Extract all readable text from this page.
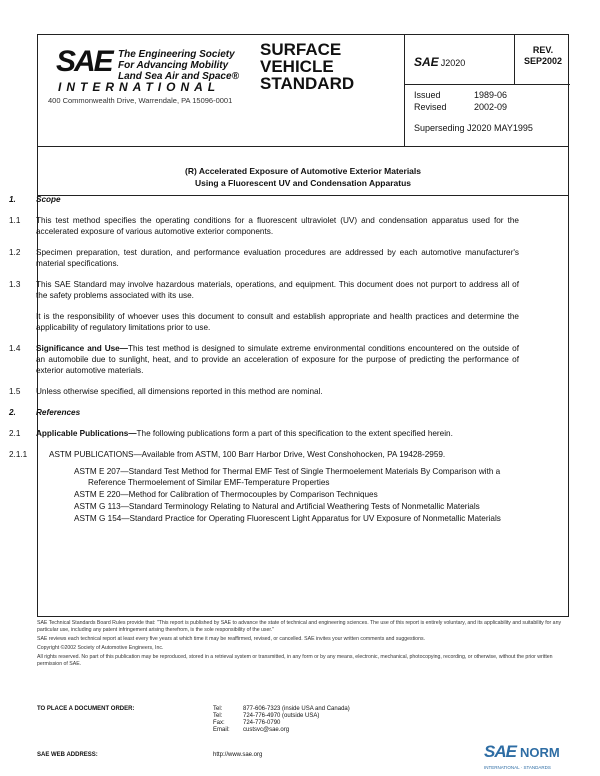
SAE The Engineering Society
For Advancing Mobility
Land Sea Air and Space®
INTERNATIONAL
400 Commonwealth Drive, Warrendale, PA 15096-0001
SURFACE
VEHICLE
STANDARD
SAE J2020
REV.
SEP2002
Issued	1989-06
Revised	2002-09
Superseding J2020 MAY1995
(R) Accelerated Exposure of Automotive Exterior Materials
Using a Fluorescent UV and Condensation Apparatus
1.	Scope
1.1	This test method specifies the operating conditions for a fluorescent ultraviolet (UV) and condensation apparatus used for the accelerated exposure of various automotive exterior components.
1.2	Specimen preparation, test duration, and performance evaluation procedures are addressed by each automotive manufacturer's material specifications.
1.3	This SAE Standard may involve hazardous materials, operations, and equipment. This document does not purport to address all of the safety problems associated with its use.
It is the responsibility of whoever uses this document to consult and establish appropriate and health practices and determine the applicability of regulatory limitations prior to use.
1.4	Significance and Use—This test method is designed to simulate extreme environmental conditions encountered on the outside of an automobile due to sunlight, heat, and to provide an acceleration of exposure for the purpose of predicting the performance of exterior automotive materials.
1.5	Unless otherwise specified, all dimensions reported in this method are nominal.
2.	References
2.1	Applicable Publications—The following publications form a part of this specification to the extent specified herein.
2.1.1	ASTM PUBLICATIONS—Available from ASTM, 100 Barr Harbor Drive, West Conshohocken, PA 19428-2959.
ASTM E 207—Standard Test Method for Thermal EMF Test of Single Thermoelement Materials By Comparison with a Reference Thermoelement of Similar EMF-Temperature Properties
ASTM E 220—Method for Calibration of Thermocouples by Comparison Techniques
ASTM G 113—Standard Terminology Relating to Natural and Artificial Weathering Tests of Nonmetallic Materials
ASTM G 154—Standard Practice for Operating Fluorescent Light Apparatus for UV Exposure of Nonmetallic Materials

SAE Technical Standards Board Rules provide that: "This report is published by SAE to advance the state of technical and engineering sciences. The use of this report is entirely voluntary, and its applicability and suitability for any particular use, including any patent infringement arising therefrom, is the sole responsibility of the user."

SAE reviews each technical report at least every five years at which time it may be reaffirmed, revised, or cancelled. SAE invites your written comments and suggestions.

Copyright ©2002 Society of Automotive Engineers, Inc.

All rights reserved. No part of this publication may be reproduced, stored in a retrieval system or transmitted, in any form or by any means, electronic, mechanical, photocopying, recording, or otherwise, without the prior written permission of SAE.

TO PLACE A DOCUMENT ORDER:	Tel:	877-606-7323 (inside USA and Canada)
Tel:	724-776-4970 (outside USA)
Fax:	724-776-0790
Email: custsvc@sae.org
SAE WEB ADDRESS:	http://www.sae.org	SAE NORM
INTERNATIONAL · STANDARDS
